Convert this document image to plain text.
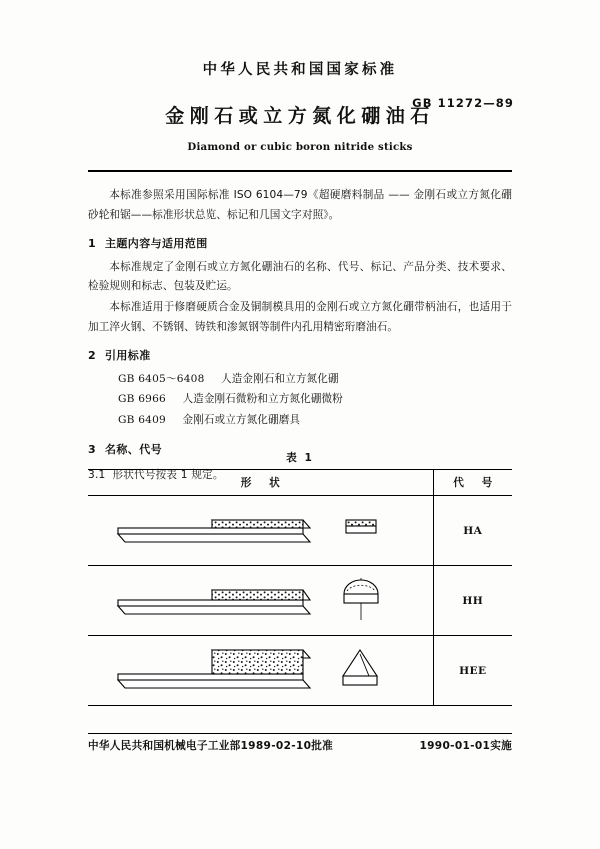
中华人民共和国国家标准
金刚石或立方氮化硼油石
Diamond or cubic boron nitride sticks
GB 11272—89

本标准参照采用国际标准 ISO 6104—79《超硬磨料制品 —— 金刚石或立方氮化硼砂轮和锯——标准形状总览、标记和几国文字对照》。

1 主题内容与适用范围

本标准规定了金刚石或立方氮化硼油石的名称、代号、标记、产品分类、技术要求、检验规则和标志、包装及贮运。

本标准适用于修磨硬质合金及铜制模具用的金刚石或立方氮化硼带柄油石，也适用于加工淬火钢、不锈钢、铸铁和渗氮钢等制件内孔用精密珩磨油石。

2 引用标准
GB 6405～6408 人造金刚石和立方氮化硼
GB 6966 人造金刚石微粉和立方氮化硼微粉
GB 6409 金刚石或立方氮化硼磨具
3 名称、代号
3.1 形状代号按表 1 规定。
表 1
形 状	代 号

	HA

	HH

	HEE
中华人民共和国机械电子工业部1989-02-10批准	1990-01-01实施
